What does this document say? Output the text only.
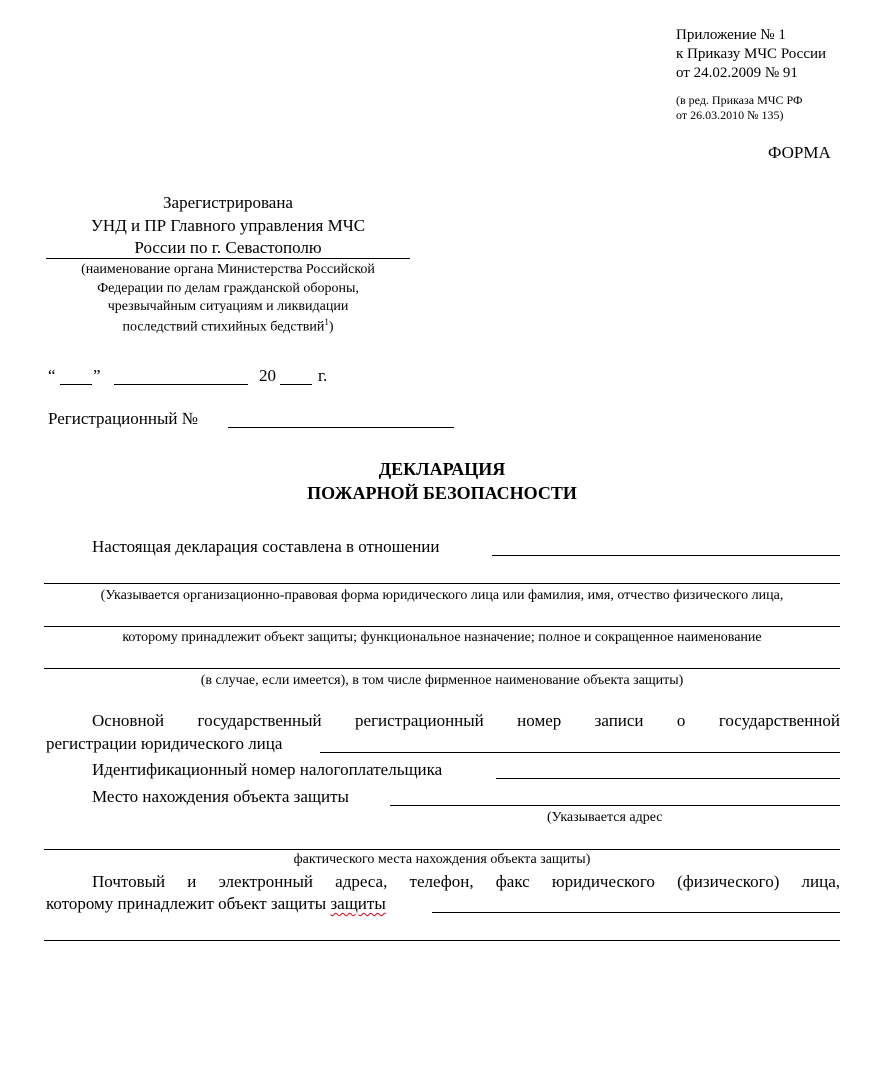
Приложение № 1
к Приказу МЧС России
от 24.02.2009 № 91
(в ред. Приказа МЧС РФ
от 26.03.2010 № 135)
ФОРМА
Зарегистрирована
УНД и ПР Главного управления МЧС
России по г. Севастополю
(наименование органа Министерства Российской
Федерации по делам гражданской обороны,
чрезвычайным ситуациям и ликвидации
последствий стихийных бедствий$^1$)
“ ”	20 г.
Регистрационный №
ДЕКЛАРАЦИЯ
ПОЖАРНОЙ БЕЗОПАСНОСТИ
Настоящая декларация составлена в отношении
(Указывается организационно-правовая форма юридического лица или фамилия, имя, отчество физического лица,
которому принадлежит объект защиты; функциональное назначение; полное и сокращенное наименование
(в случае, если имеется), в том числе фирменное наименование объекта защиты)
Основной государственный регистрационный номер записи о государственной
регистрации юридического лица
Идентификационный номер налогоплательщика
Место нахождения объекта защиты
(Указывается адрес
фактического места нахождения объекта защиты)
Почтовый и электронный адреса, телефон, факс юридического (физического) лица,
которому принадлежит объект защиты защиты
